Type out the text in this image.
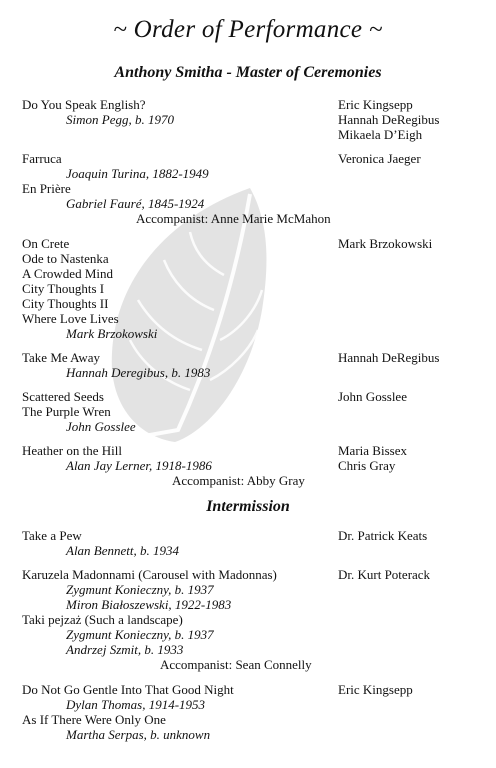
~ Order of Performance ~
Anthony Smitha - Master of Ceremonies
Do You Speak English?
Simon Pegg, b. 1970
Eric Kingsepp
Hannah DeRegibus
Mikaela D’Eigh
Farruca
Joaquin Turina, 1882-1949
En Prière
Gabriel Fauré, 1845-1924
Accompanist: Anne Marie McMahon
Veronica Jaeger
On Crete
Ode to Nastenka
A Crowded Mind
City Thoughts I
City Thoughts II
Where Love Lives
Mark Brzokowski
Mark Brzokowski
Take Me Away
Hannah Deregibus, b. 1983
Hannah DeRegibus
Scattered Seeds
The Purple Wren
John Gosslee
John Gosslee
Heather on the Hill
Alan Jay Lerner, 1918-1986
Accompanist: Abby Gray
Maria Bissex
Chris Gray
Intermission
Take a Pew
Alan Bennett, b. 1934
Dr. Patrick Keats
Karuzela Madonnami (Carousel with Madonnas)
Zygmunt Konieczny, b. 1937
Miron Białoszewski, 1922-1983
Taki pejzaż (Such a landscape)
Zygmunt Konieczny, b. 1937
Andrzej Szmit, b. 1933
Accompanist: Sean Connelly
Dr. Kurt Poterack
Do Not Go Gentle Into That Good Night
Dylan Thomas, 1914-1953
As If There Were Only One
Martha Serpas, b. unknown
Eric Kingsepp
